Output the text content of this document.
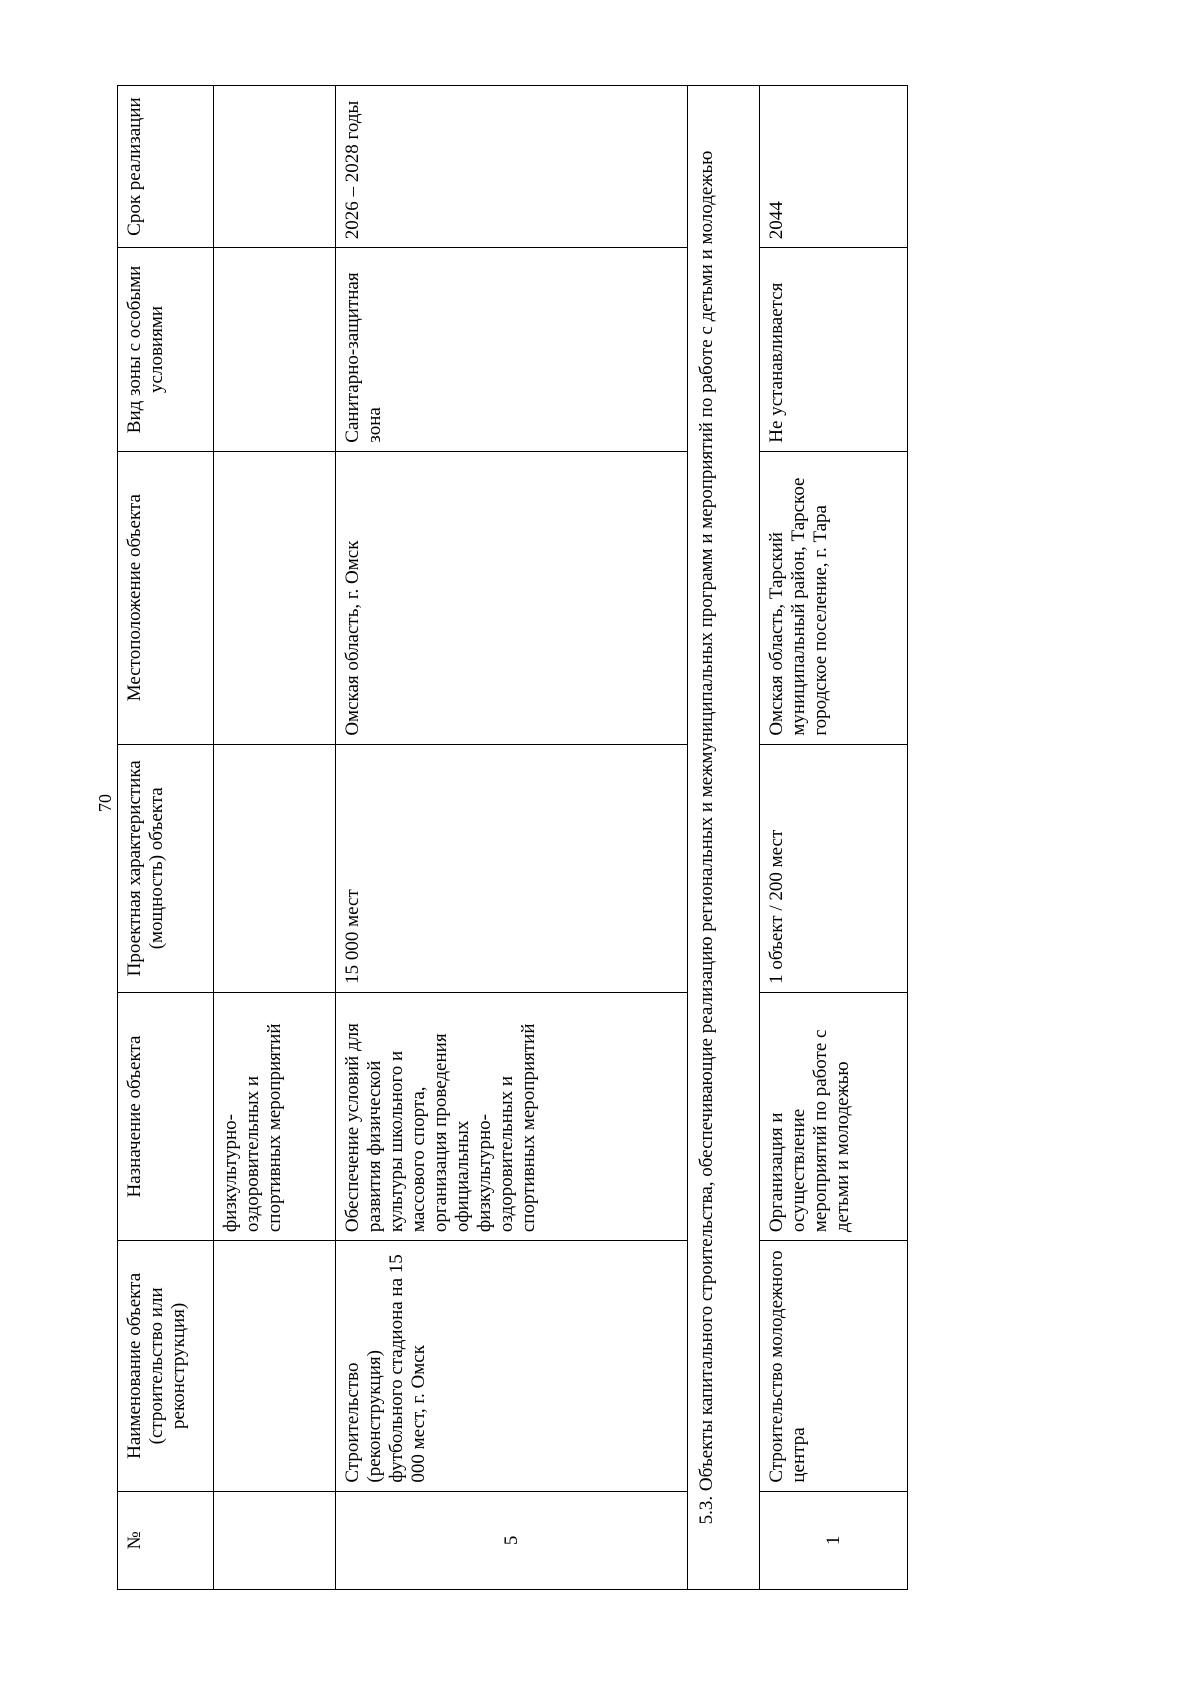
70
№	Наименование объекта (строительство или реконструкция)	Назначение объекта	Проектная характеристика (мощность) объекта	Местоположение объекта	Вид зоны с особыми условиями	Срок реализации
		физкультурно-оздоровительных и спортивных мероприятий				
5	Строительство (реконструкция) футбольного стадиона на 15 000 мест, г. Омск	Обеспечение условий для развития физической культуры школьного и массового спорта, организация проведения официальных физкультурно-оздоровительных и спортивных мероприятий	15 000 мест	Омская область, г. Омск	Санитарно-защитная зона	2026 – 2028 годы
5.3. Объекты капитального строительства, обеспечивающие реализацию региональных и межмуниципальных программ и мероприятий по работе с детьми и молодежью						
1	Строительство молодежного центра	Организация и осуществление мероприятий по работе с детьми и молодежью	1 объект / 200 мест	Омская область, Тарский муниципальный район, Тарское городское поселение, г. Тара	Не устанавливается	2044
